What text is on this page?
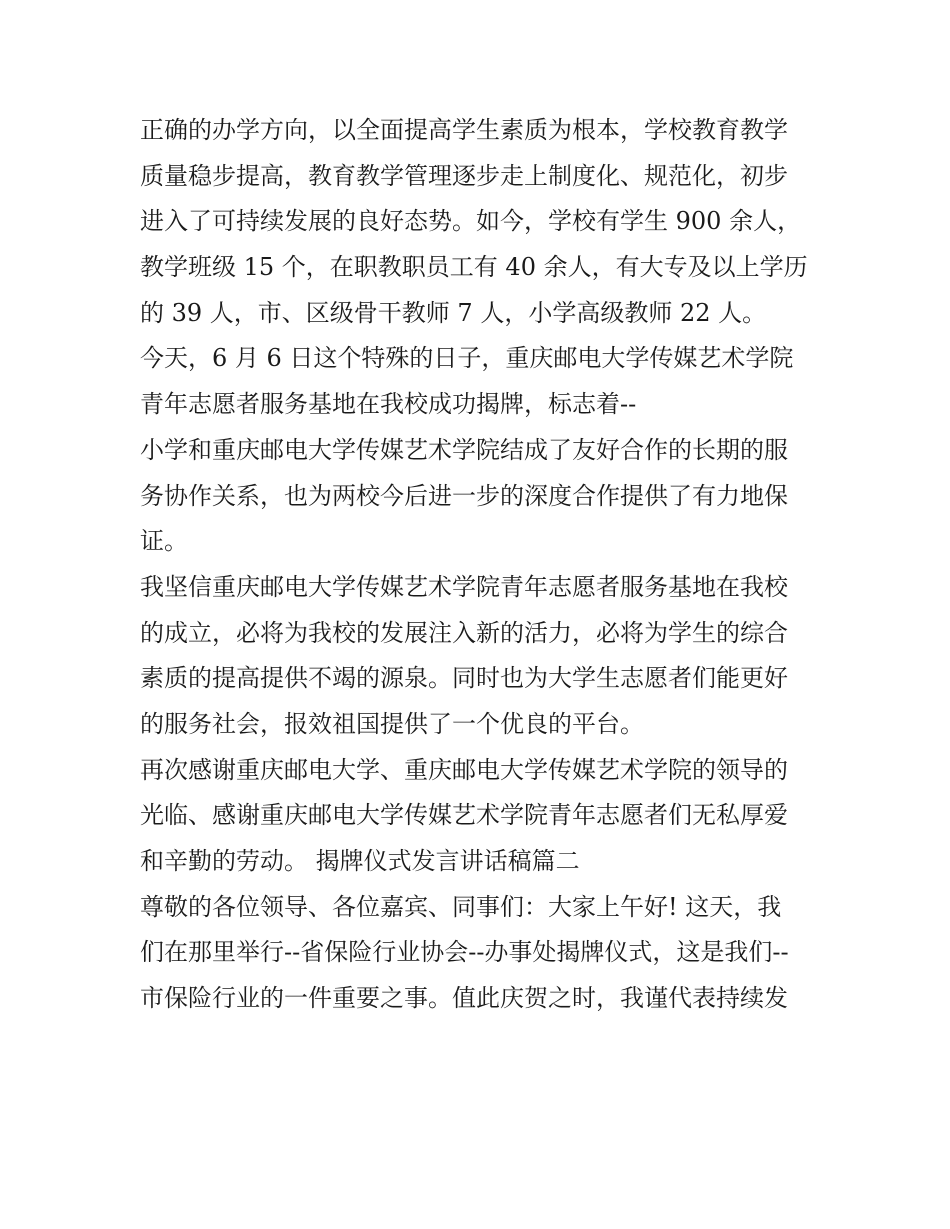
正确的办学方向，以全面提高学生素质为根本，学校教育教学
质量稳步提高，教育教学管理逐步走上制度化、规范化，初步
进入了可持续发展的良好态势。如今，学校有学生 900 余人，
教学班级 15 个，在职教职员工有 40 余人，有大专及以上学历
的 39 人，市、区级骨干教师 7 人，小学高级教师 22 人。
今天，6 月 6 日这个特殊的日子，重庆邮电大学传媒艺术学院
青年志愿者服务基地在我校成功揭牌，标志着--
小学和重庆邮电大学传媒艺术学院结成了友好合作的长期的服
务协作关系，也为两校今后进一步的深度合作提供了有力地保
证。
我坚信重庆邮电大学传媒艺术学院青年志愿者服务基地在我校
的成立，必将为我校的发展注入新的活力，必将为学生的综合
素质的提高提供不竭的源泉。同时也为大学生志愿者们能更好
的服务社会，报效祖国提供了一个优良的平台。
再次感谢重庆邮电大学、重庆邮电大学传媒艺术学院的领导的
光临、感谢重庆邮电大学传媒艺术学院青年志愿者们无私厚爱
和辛勤的劳动。 揭牌仪式发言讲话稿篇二
尊敬的各位领导、各位嘉宾、同事们：大家上午好! 这天，我
们在那里举行--省保险行业协会--办事处揭牌仪式，这是我们--
市保险行业的一件重要之事。值此庆贺之时，我谨代表持续发
